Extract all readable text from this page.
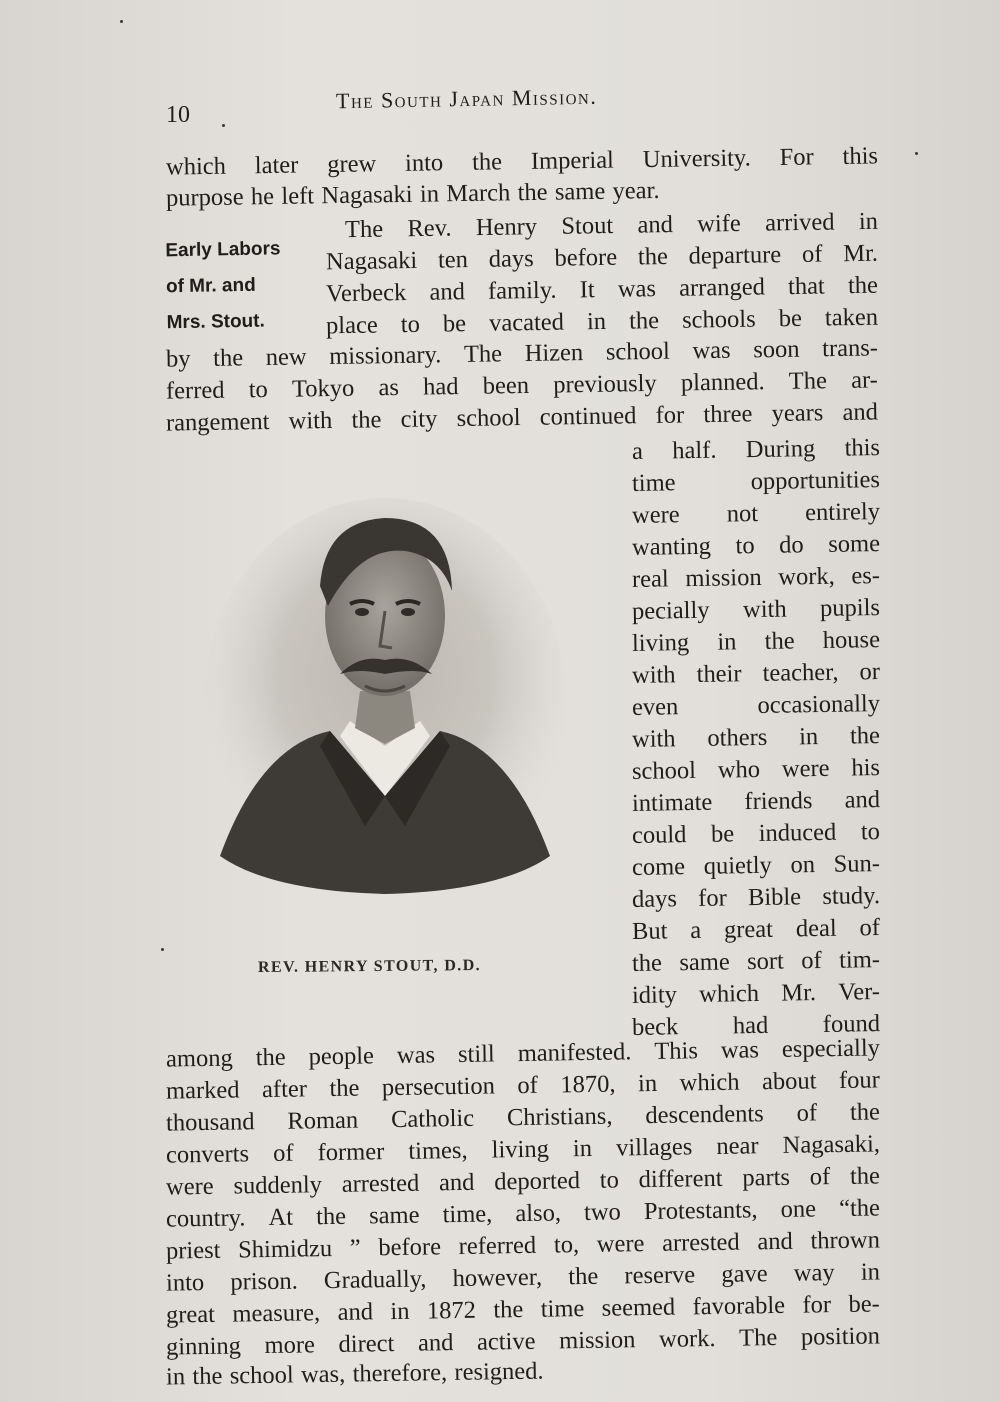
10
The South Japan Mission.
Early Labors
of Mr. and
Mrs. Stout.
which later grew into the Imperial University. For this
purpose he left Nagasaki in March the same year.
The Rev. Henry Stout and wife arrived in
Nagasaki ten days before the departure of Mr.
Verbeck and family. It was arranged that the
place to be vacated in the schools be taken
by the new missionary. The Hizen school was soon trans-
ferred to Tokyo as had been previously planned. The ar-
rangement with the city school continued for three years and
a half. During this
time	opportunities
were not entirely
wanting to do some
real mission work, es-
pecially with pupils
living in the house
with their teacher, or
even	occasionally
with others in the
school who were his
intimate friends and
could be induced to
come quietly on Sun-
days for Bible study.
But a great deal of
the same sort of tim-
idity which Mr. Ver-
beck had found
among the people was still manifested. This was especially
marked after the persecution of 1870, in which about four
thousand Roman Catholic Christians, descendents of the
converts of former times, living in villages near Nagasaki,
were suddenly arrested and deported to different parts of the
country. At the same time, also, two Protestants, one “the
priest Shimidzu ” before referred to, were arrested and thrown
into prison. Gradually, however, the reserve gave way in
great measure, and in 1872 the time seemed favorable for be-
ginning more direct and active mission work. The position
in the school was, therefore, resigned.
REV. HENRY STOUT, D.D.
